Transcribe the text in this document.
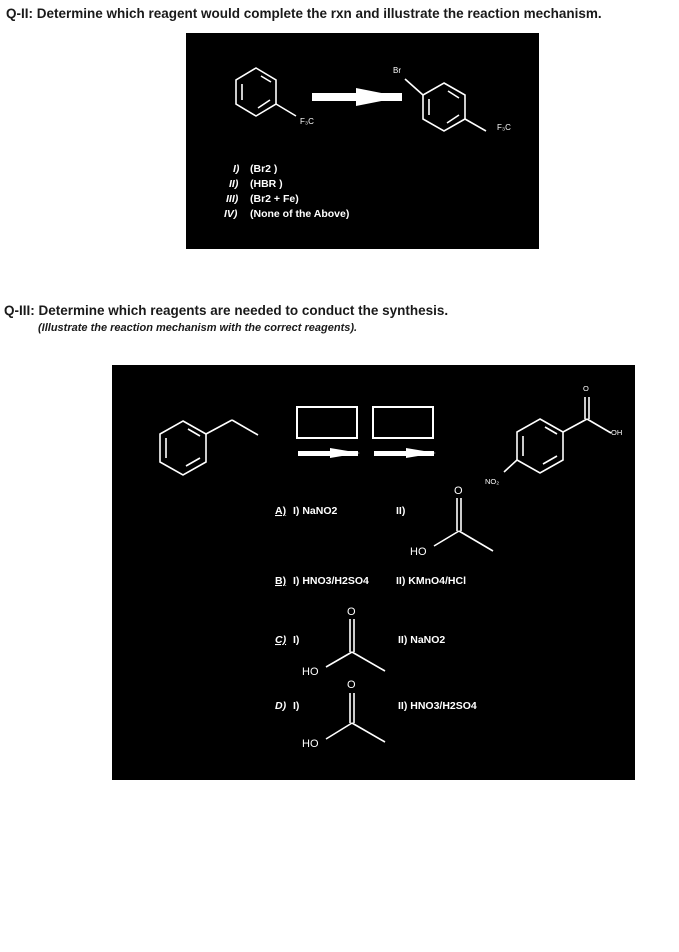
Q-II: Determine which reagent would complete the rxn and illustrate the reaction mechanism.
F₃C
Br
F₃C
I) (Br2 )
II) (HBR )
III) (Br2 + Fe)
IV) (None of the Above)
Q-III: Determine which reagents are needed to conduct the synthesis.
(Illustrate the reaction mechanism with the correct reagents).
NO₂
O
OH
A) I) NaNO2	II)
O
HO
B) I) HNO3/H2SO4	II) KMnO4/HCl
C) I)	II) NaNO2
O
HO
D) I)	II) HNO3/H2SO4
O
HO
